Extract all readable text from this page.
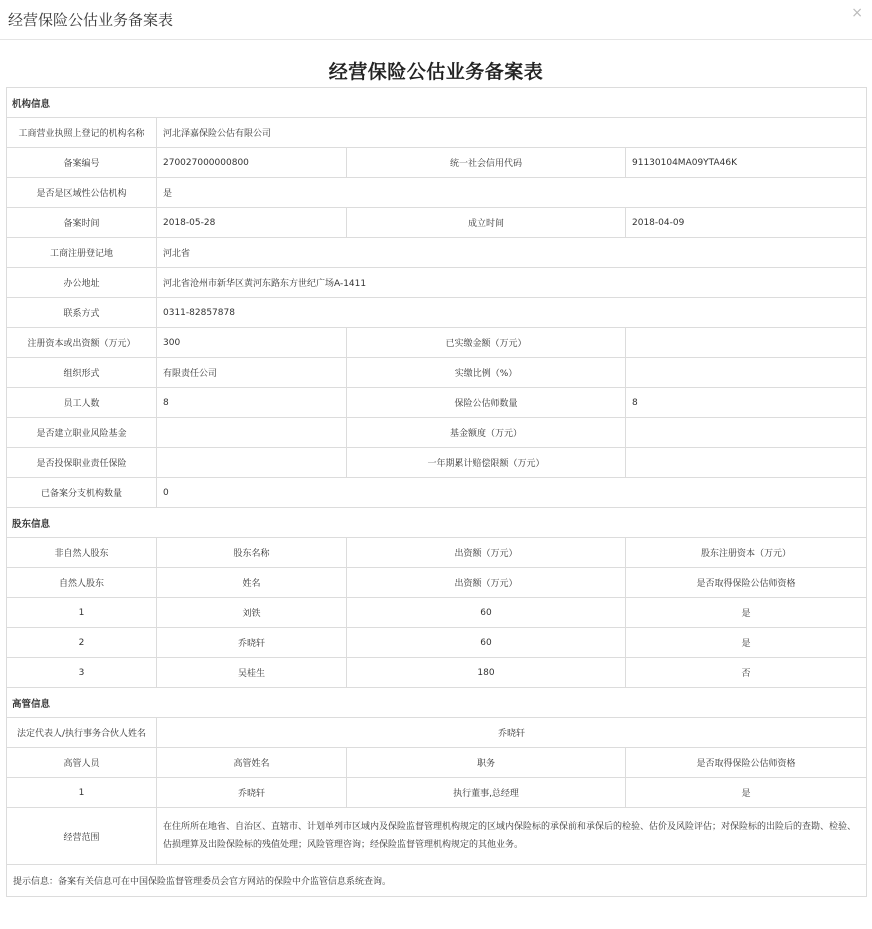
经营保险公估业务备案表	×
经营保险公估业务备案表
机构信息			
工商营业执照上登记的机构名称	河北泽嘉保险公估有限公司		
备案编号	270027000000800	统一社会信用代码	91130104MA09YTA46K
是否是区域性公估机构	是		
备案时间	2018-05-28	成立时间	2018-04-09
工商注册登记地	河北省		
办公地址	河北省沧州市新华区黄河东路东方世纪广场A-1411		
联系方式	0311-82857878		
注册资本或出资额（万元）	300	已实缴金额（万元）	
组织形式	有限责任公司	实缴比例（%）	
员工人数	8	保险公估师数量	8
是否建立职业风险基金		基金额度（万元）	
是否投保职业责任保险		一年期累计赔偿限额（万元）	
已备案分支机构数量	0		
股东信息			
非自然人股东	股东名称	出资额（万元）	股东注册资本（万元）
自然人股东	姓名	出资额（万元）	是否取得保险公估师资格
1	刘铁	60	是
2	乔晓轩	60	是
3	吴桂生	180	否
高管信息			
法定代表人/执行事务合伙人姓名	乔晓轩		
高管人员	高管姓名	职务	是否取得保险公估师资格
1	乔晓轩	执行董事,总经理	是
经营范围	在住所所在地省、自治区、直辖市、计划单列市区域内及保险监督管理机构规定的区域内保险标的承保前和承保后的检验、估价及风险评估；对保险标的出险后的查勘、检验、估损理算及出险保险标的残值处理；风险管理咨询；经保险监督管理机构规定的其他业务。		
提示信息：备案有关信息可在中国保险监督管理委员会官方网站的保险中介监管信息系统查询。			
